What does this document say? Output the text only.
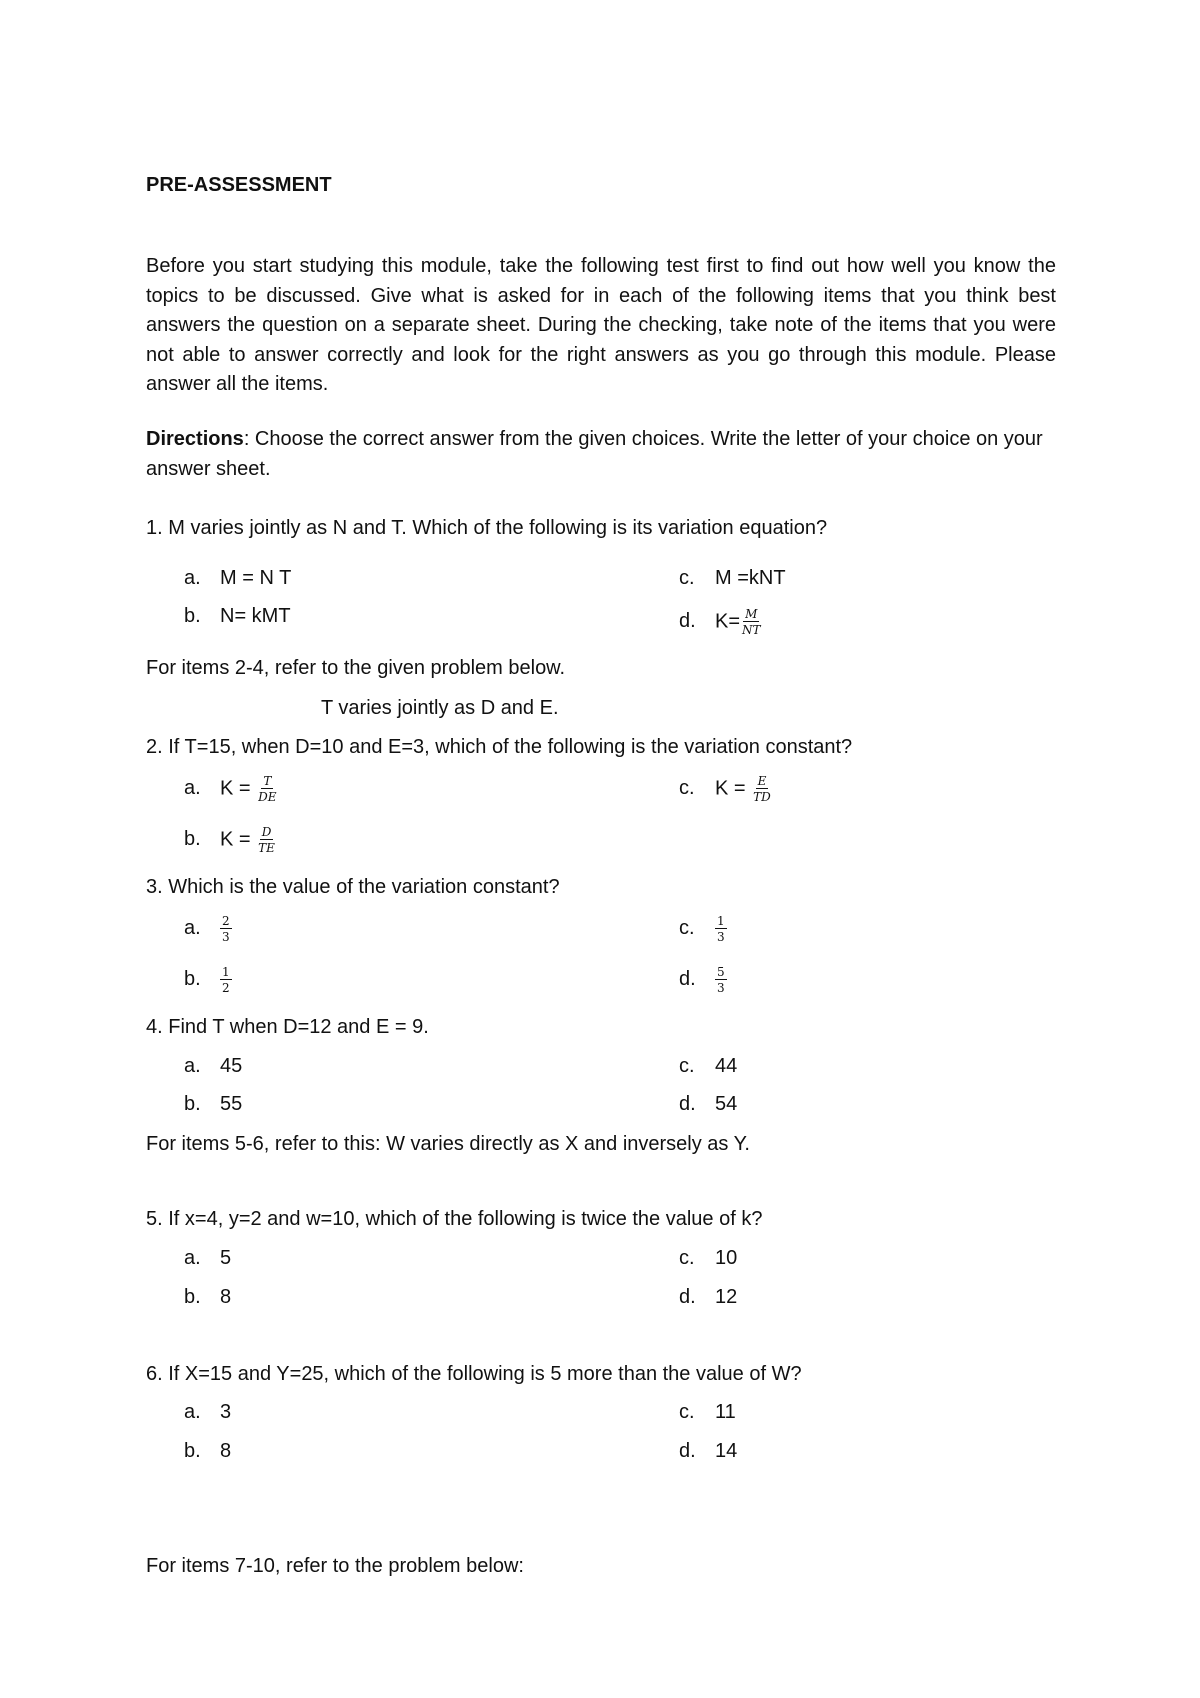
PRE-ASSESSMENT
Before you start studying this module, take the following test first to find out how well you know the topics to be discussed. Give what is asked for in each of the following items that you think best answers the question on a separate sheet. During the checking, take note of the items that you were not able to answer correctly and look for the right answers as you go through this module. Please answer all the items.
Directions: Choose the correct answer from the given choices. Write the letter of your choice on your answer sheet.
1. M varies jointly as N and T. Which of the following is its variation equation?
a. M = N T	c. M =kNT
b. N= kMT	d. $K= \frac{M}{NT}$
For items 2-4, refer to the given problem below.
T varies jointly as D and E.
2. If T=15, when D=10 and E=3, which of the following is the variation constant?
a. $K = \frac{T}{DE}$	c. $K = \frac{E}{TD}$
b. $K = \frac{D}{TE}$
3. Which is the value of the variation constant?
a. $\frac{2}{3}$	c. $\frac{1}{3}$
b. $\frac{1}{2}$	d. $\frac{5}{3}$
4. Find T when D=12 and E = 9.
a. 45	c. 44
b. 55	d. 54
For items 5-6, refer to this: W varies directly as X and inversely as Y.
5. If x=4, y=2 and w=10, which of the following is twice the value of k?
a. 5	c. 10
b. 8	d. 12
6. If X=15 and Y=25, which of the following is 5 more than the value of W?
a. 3	c. 11
b. 8	d. 14
For items 7-10, refer to the problem below:
